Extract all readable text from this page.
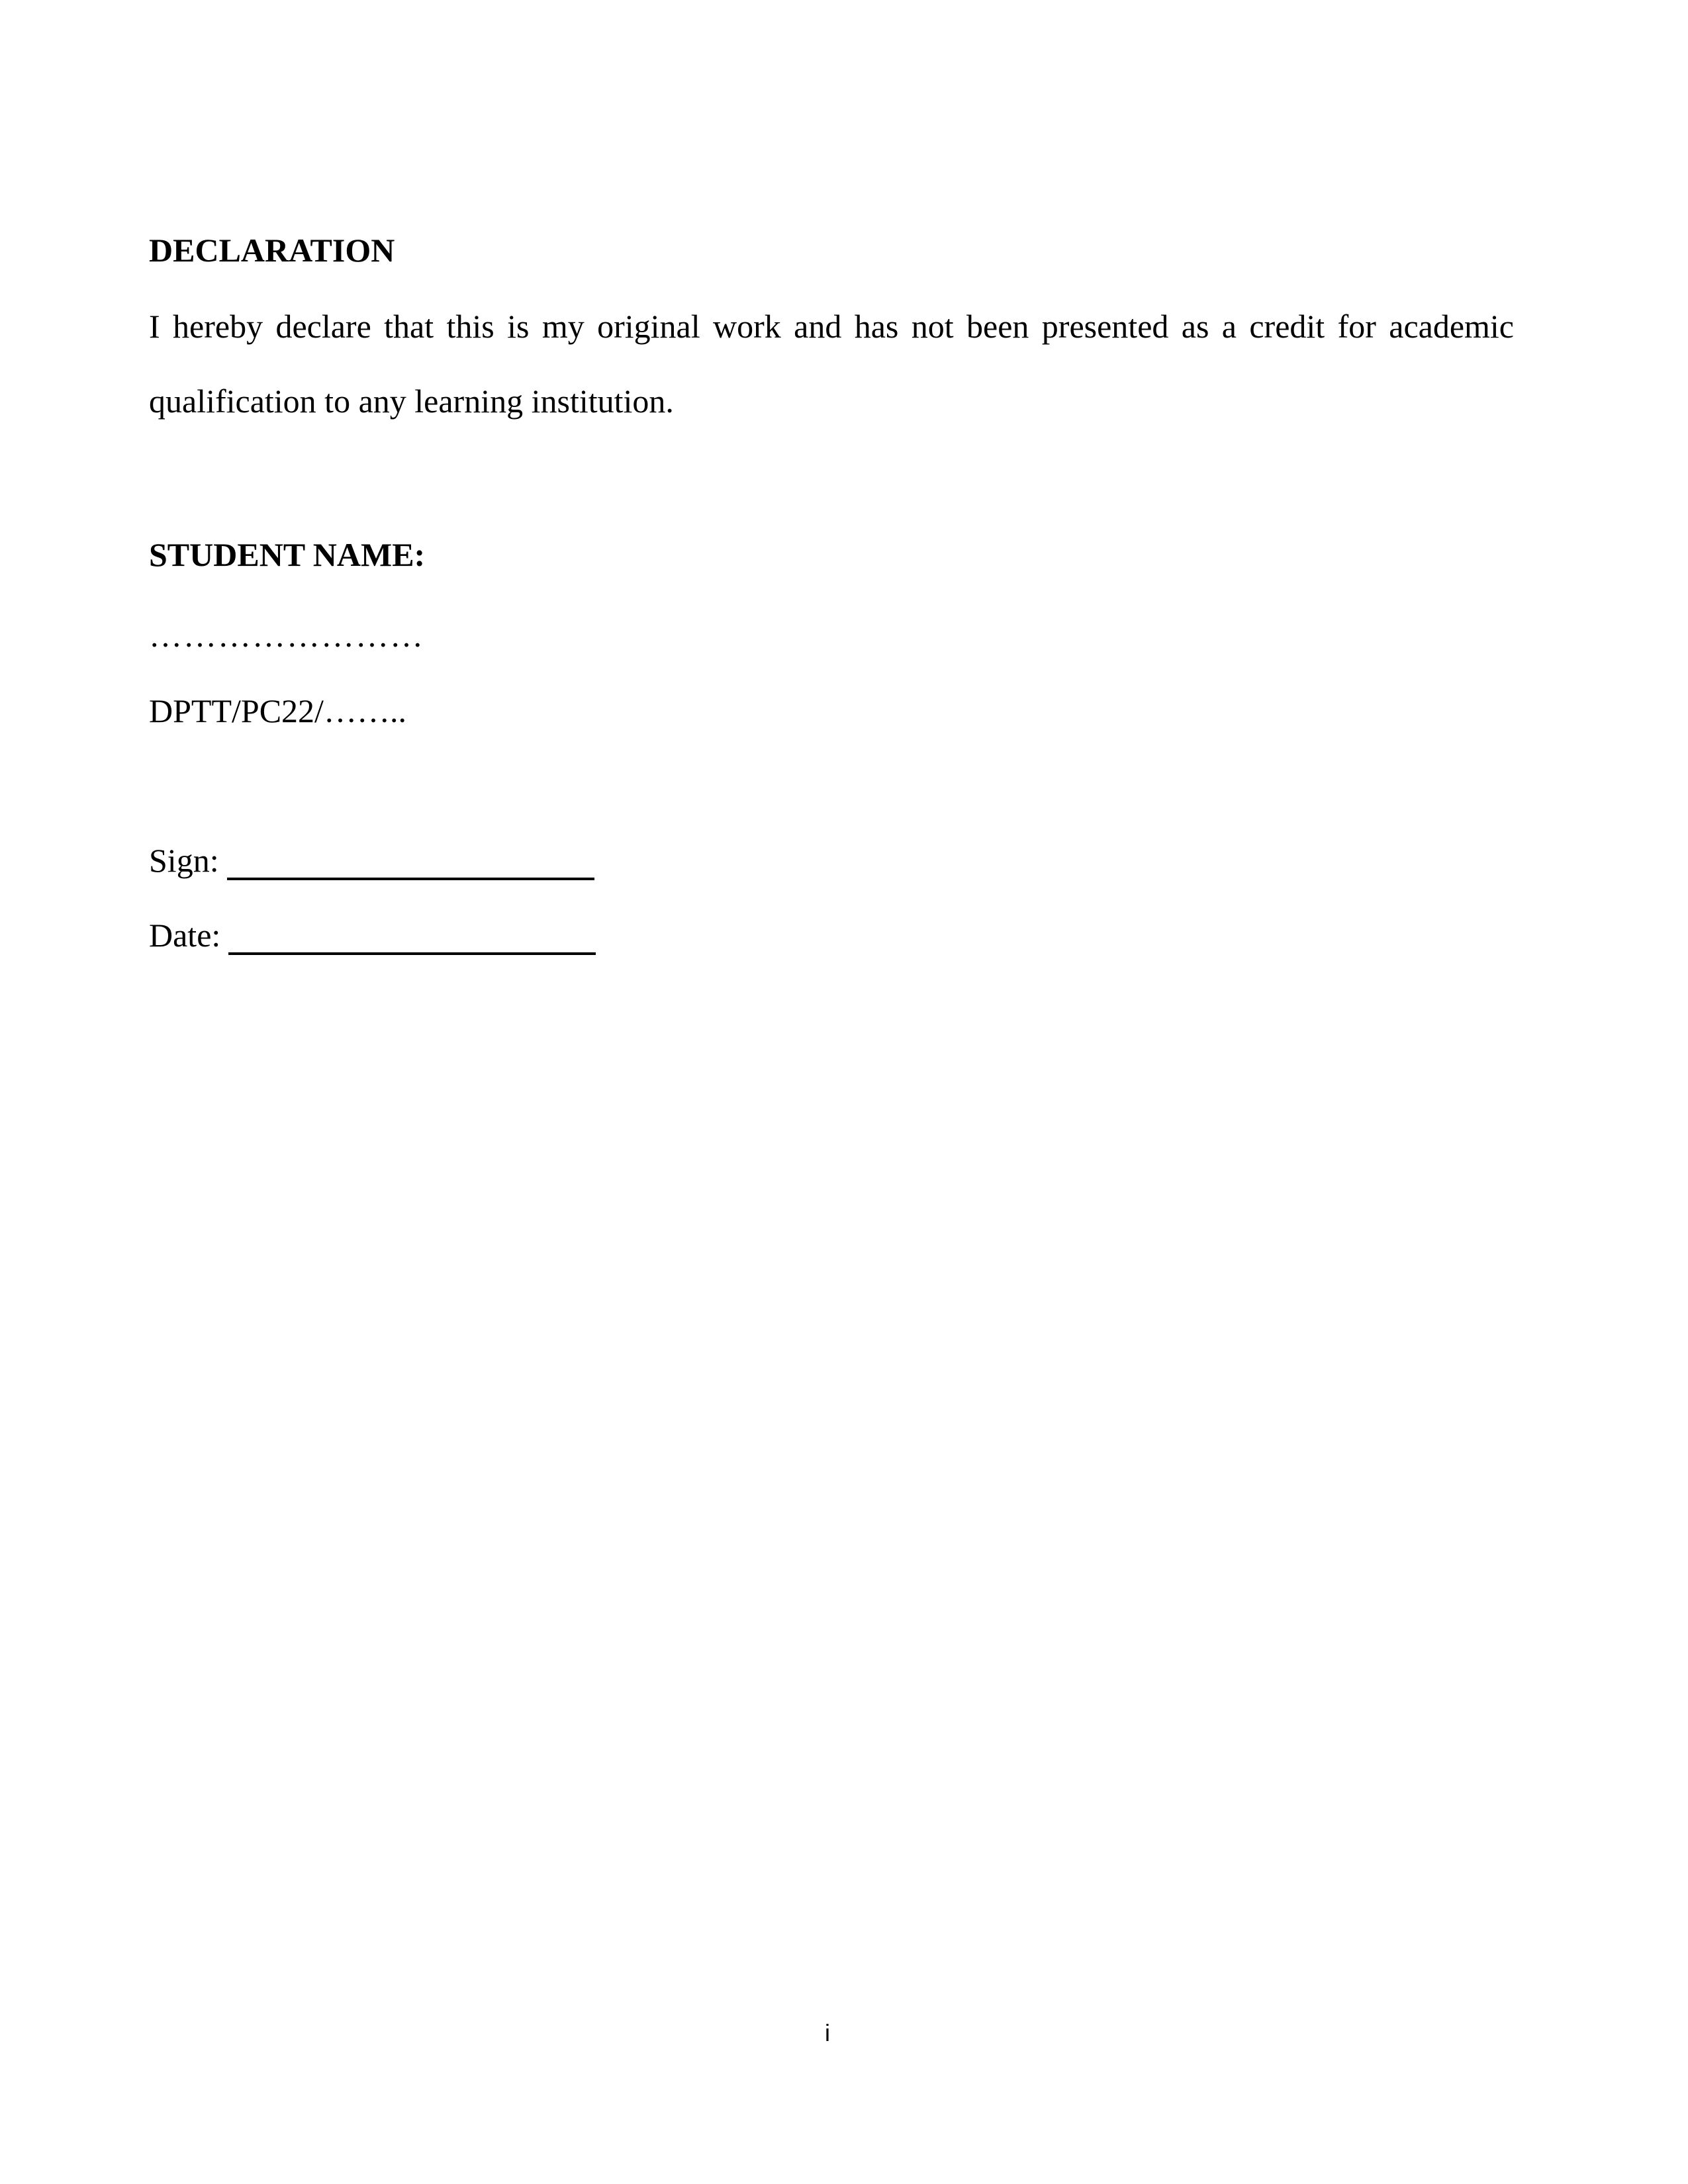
DECLARATION

I hereby declare that this is my original work and has not been presented as a credit for academic

qualification to any learning institution.

STUDENT NAME:

……………………

DPTT/PC22/……..

Sign:
Date:
i
